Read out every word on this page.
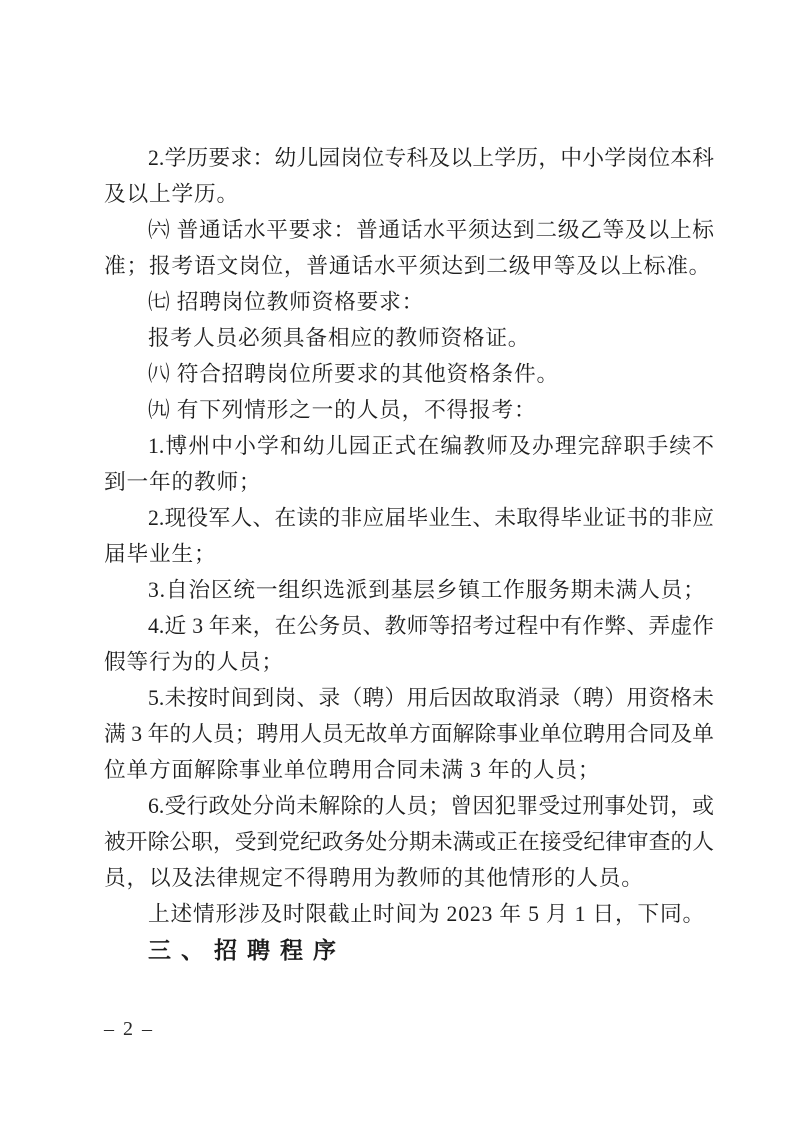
2.学历要求：幼儿园岗位专科及以上学历，中小学岗位本科
及以上学历。
㈥ 普通话水平要求：普通话水平须达到二级乙等及以上标
准；报考语文岗位，普通话水平须达到二级甲等及以上标准。
㈦ 招聘岗位教师资格要求：
报考人员必须具备相应的教师资格证。
㈧ 符合招聘岗位所要求的其他资格条件。
㈨ 有下列情形之一的人员，不得报考：
1.博州中小学和幼儿园正式在编教师及办理完辞职手续不
到一年的教师；
2.现役军人、在读的非应届毕业生、未取得毕业证书的非应
届毕业生；
3.自治区统一组织选派到基层乡镇工作服务期未满人员；
4.近 3 年来，在公务员、教师等招考过程中有作弊、弄虚作
假等行为的人员；
5.未按时间到岗、录（聘）用后因故取消录（聘）用资格未
满 3 年的人员；聘用人员无故单方面解除事业单位聘用合同及单
位单方面解除事业单位聘用合同未满 3 年的人员；
6.受行政处分尚未解除的人员；曾因犯罪受过刑事处罚，或
被开除公职，受到党纪政务处分期未满或正在接受纪律审查的人
员，以及法律规定不得聘用为教师的其他情形的人员。
上述情形涉及时限截止时间为 2023 年 5 月 1 日，下同。
三、招聘程序
– 2 –
